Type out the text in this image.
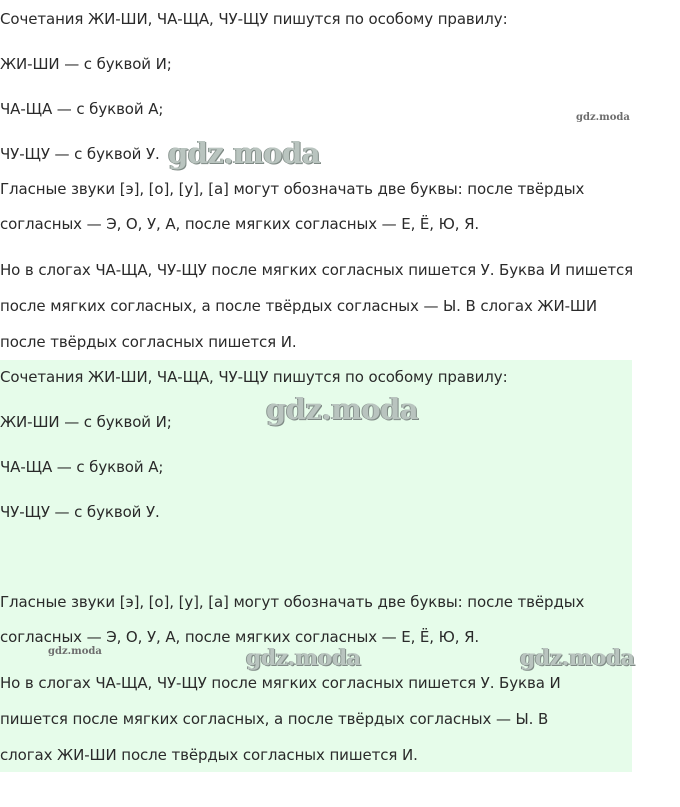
Сочетания ЖИ-ШИ, ЧА-ЩА, ЧУ-ЩУ пишутся по особому правилу:

ЖИ-ШИ — с буквой И;

ЧА-ЩА — с буквой А;

ЧУ-ЩУ — с буквой У.

Гласные звуки [э], [о], [у], [а] могут обозначать две буквы: после твёрдых

согласных — Э, О, У, А, после мягких согласных — Е, Ё, Ю, Я.

Но в слогах ЧА-ЩА, ЧУ-ЩУ после мягких согласных пишется У. Буква И пишется

после мягких согласных, а после твёрдых согласных — Ы. В слогах ЖИ-ШИ

после твёрдых согласных пишется И.

Сочетания ЖИ-ШИ, ЧА-ЩА, ЧУ-ЩУ пишутся по особому правилу:

ЖИ-ШИ — с буквой И;

ЧА-ЩА — с буквой А;

ЧУ-ЩУ — с буквой У.

Гласные звуки [э], [о], [у], [а] могут обозначать две буквы: после твёрдых

согласных — Э, О, У, А, после мягких согласных — Е, Ё, Ю, Я.

Но в слогах ЧА-ЩА, ЧУ-ЩУ после мягких согласных пишется У. Буква И

пишется после мягких согласных, а после твёрдых согласных — Ы. В

слогах ЖИ-ШИ после твёрдых согласных пишется И.

gdz.moda
gdz.moda
gdz.moda
gdz.moda	gdz.moda	gdz.moda
